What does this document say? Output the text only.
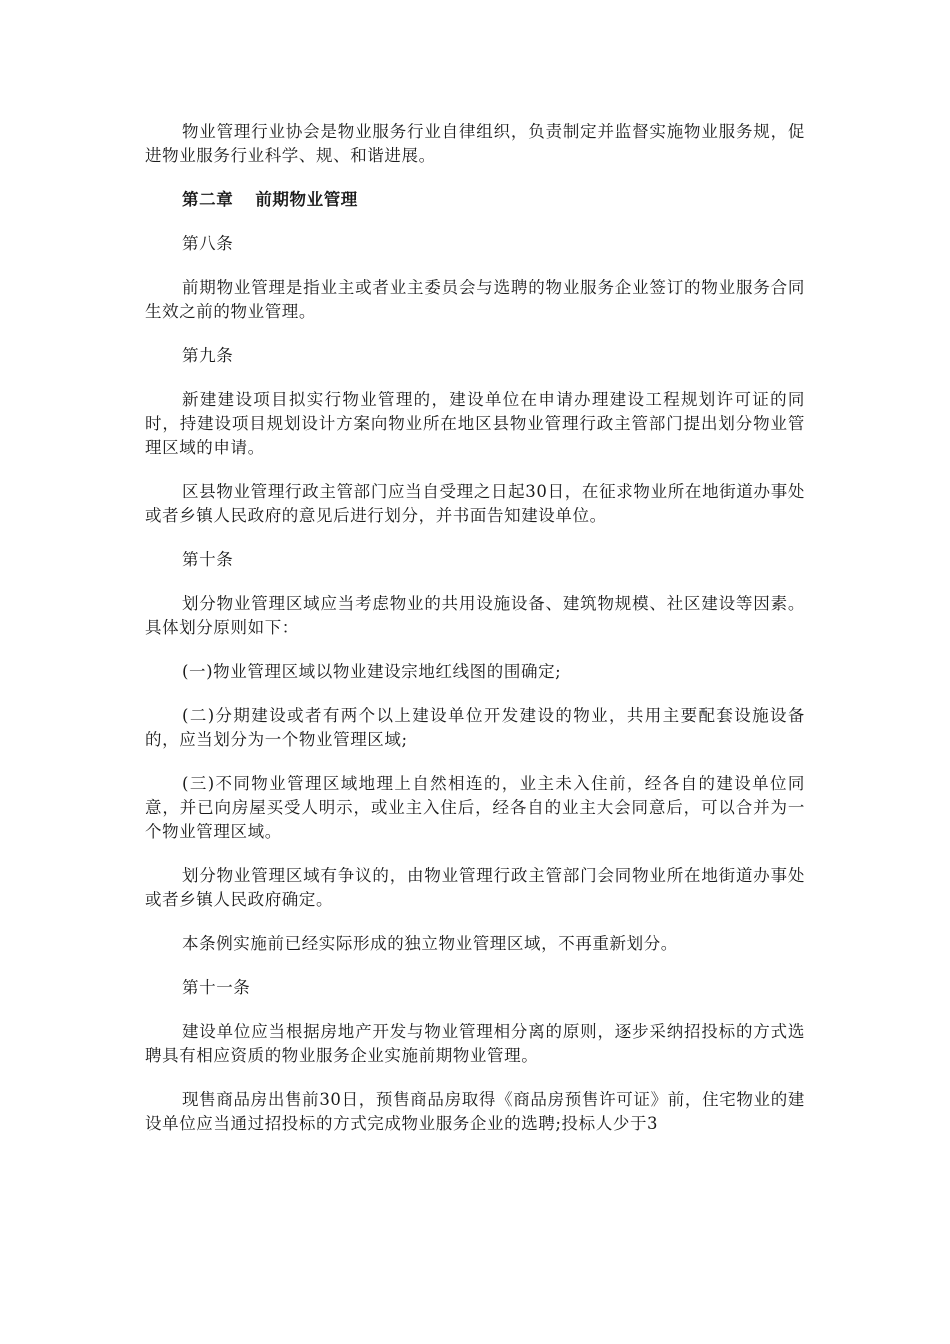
物业管理行业协会是物业服务行业自律组织，负责制定并监督实施物业服务规，促进物业服务行业科学、规、和谐进展。

第二章 前期物业管理

第八条

前期物业管理是指业主或者业主委员会与选聘的物业服务企业签订的物业服务合同生效之前的物业管理。

第九条

新建建设项目拟实行物业管理的，建设单位在申请办理建设工程规划许可证的同时，持建设项目规划设计方案向物业所在地区县物业管理行政主管部门提出划分物业管理区域的申请。

区县物业管理行政主管部门应当自受理之日起30日，在征求物业所在地街道办事处或者乡镇人民政府的意见后进行划分，并书面告知建设单位。

第十条

划分物业管理区域应当考虑物业的共用设施设备、建筑物规模、社区建设等因素。具体划分原则如下：

(一)物业管理区域以物业建设宗地红线图的围确定;

(二)分期建设或者有两个以上建设单位开发建设的物业，共用主要配套设施设备的，应当划分为一个物业管理区域;

(三)不同物业管理区域地理上自然相连的，业主未入住前，经各自的建设单位同意，并已向房屋买受人明示，或业主入住后，经各自的业主大会同意后，可以合并为一个物业管理区域。

划分物业管理区域有争议的，由物业管理行政主管部门会同物业所在地街道办事处或者乡镇人民政府确定。

本条例实施前已经实际形成的独立物业管理区域，不再重新划分。

第十一条

建设单位应当根据房地产开发与物业管理相分离的原则，逐步采纳招投标的方式选聘具有相应资质的物业服务企业实施前期物业管理。

现售商品房出售前30日，预售商品房取得《商品房预售许可证》前，住宅物业的建设单位应当通过招投标的方式完成物业服务企业的选聘;投标人少于3
